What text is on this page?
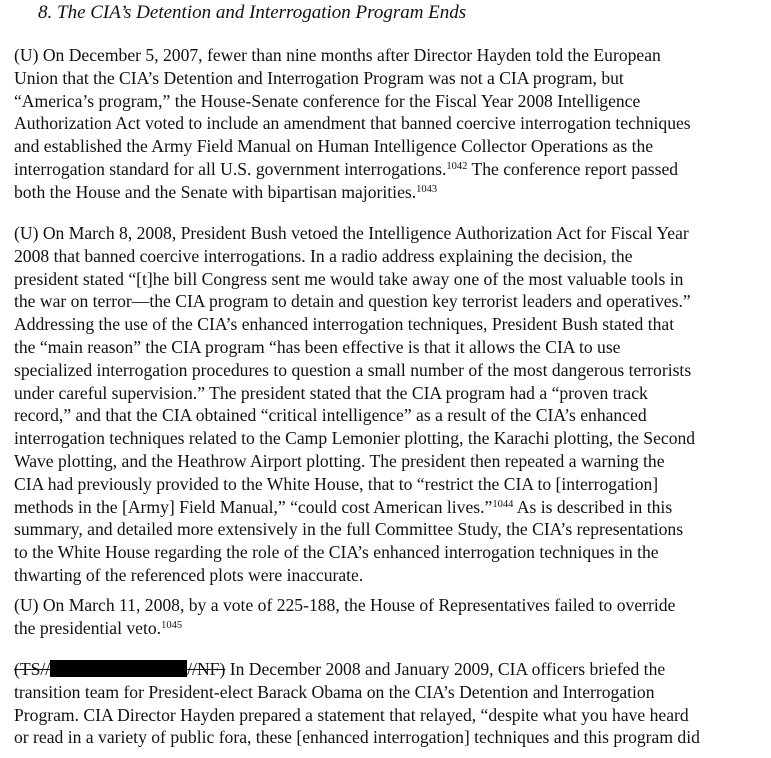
8. The CIA’s Detention and Interrogation Program Ends
(U) On December 5, 2007, fewer than nine months after Director Hayden told the European
Union that the CIA’s Detention and Interrogation Program was not a CIA program, but
“America’s program,” the House-Senate conference for the Fiscal Year 2008 Intelligence
Authorization Act voted to include an amendment that banned coercive interrogation techniques
and established the Army Field Manual on Human Intelligence Collector Operations as the
interrogation standard for all U.S. government interrogations.$^{1042}$ The conference report passed
both the House and the Senate with bipartisan majorities.$^{1043}$
(U) On March 8, 2008, President Bush vetoed the Intelligence Authorization Act for Fiscal Year
2008 that banned coercive interrogations. In a radio address explaining the decision, the
president stated “[t]he bill Congress sent me would take away one of the most valuable tools in
the war on terror—the CIA program to detain and question key terrorist leaders and operatives.”
Addressing the use of the CIA’s enhanced interrogation techniques, President Bush stated that
the “main reason” the CIA program “has been effective is that it allows the CIA to use
specialized interrogation procedures to question a small number of the most dangerous terrorists
under careful supervision.” The president stated that the CIA program had a “proven track
record,” and that the CIA obtained “critical intelligence” as a result of the CIA’s enhanced
interrogation techniques related to the Camp Lemonier plotting, the Karachi plotting, the Second
Wave plotting, and the Heathrow Airport plotting. The president then repeated a warning the
CIA had previously provided to the White House, that to “restrict the CIA to [interrogation]
methods in the [Army] Field Manual,” “could cost American lives.”$^{1044}$ As is described in this
summary, and detailed more extensively in the full Committee Study, the CIA’s representations
to the White House regarding the role of the CIA’s enhanced interrogation techniques in the
thwarting of the referenced plots were inaccurate.
(U) On March 11, 2008, by a vote of 225-188, the House of Representatives failed to override
the presidential veto.$^{1045}$
(TS//	//NF) In December 2008 and January 2009, CIA officers briefed the
transition team for President-elect Barack Obama on the CIA’s Detention and Interrogation
Program. CIA Director Hayden prepared a statement that relayed, “despite what you have heard
or read in a variety of public fora, these [enhanced interrogation] techniques and this program did
